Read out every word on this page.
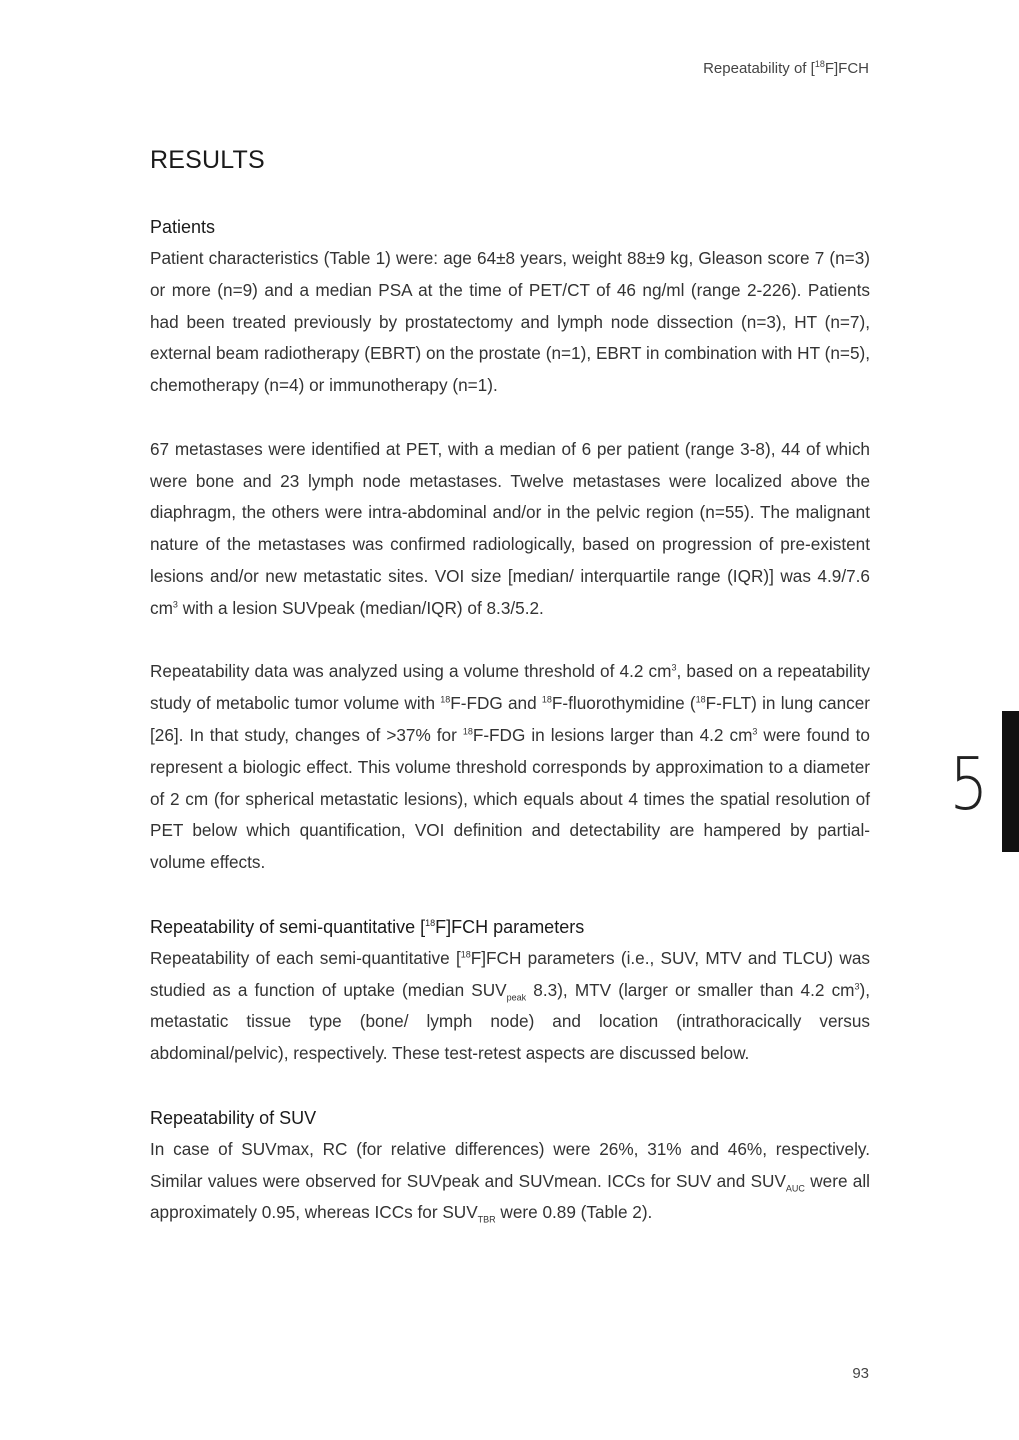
Repeatability of [$^{18}$F]FCH
RESULTS
Patients

Patient characteristics (Table 1) were: age 64±8 years, weight 88±9 kg, Gleason score 7 (n=3) or more (n=9) and a median PSA at the time of PET/CT of 46 ng/ml (range 2-226). Patients had been treated previously by prostatectomy and lymph node dissection (n=3), HT (n=7), external beam radiotherapy (EBRT) on the prostate (n=1), EBRT in combination with HT (n=5), chemotherapy (n=4) or immunotherapy (n=1).

67 metastases were identified at PET, with a median of 6 per patient (range 3-8), 44 of which were bone and 23 lymph node metastases. Twelve metastases were localized above the diaphragm, the others were intra-abdominal and/or in the pelvic region (n=55). The malignant nature of the metastases was confirmed radiologically, based on progression of pre-existent lesions and/or new metastatic sites. VOI size [median/ interquartile range (IQR)] was 4.9/7.6 $cm^3$ with a lesion SUVpeak (median/IQR) of 8.3/5.2.

Repeatability data was analyzed using a volume threshold of 4.2 $cm^3$, based on a repeatability study of metabolic tumor volume with $^{18}$F-FDG and $^{18}$F-fluorothymidine ($^{18}$F-FLT) in lung cancer [26]. In that study, changes of >37% for $^{18}$F-FDG in lesions larger than 4.2 $cm^3$ were found to represent a biologic effect. This volume threshold corresponds by approximation to a diameter of 2 cm (for spherical metastatic lesions), which equals about 4 times the spatial resolution of PET below which quantification, VOI definition and detectability are hampered by partial-volume effects.

Repeatability of semi-quantitative [$^{18}$F]FCH parameters

Repeatability of each semi-quantitative [$^{18}$F]FCH parameters (i.e., SUV, MTV and TLCU) was studied as a function of uptake (median $SUV_{peak}$ 8.3), MTV (larger or smaller than 4.2 $cm^3$), metastatic tissue type (bone/ lymph node) and location (intrathoracically versus abdominal/pelvic), respectively. These test-retest aspects are discussed below.

Repeatability of SUV

In case of SUVmax, RC (for relative differences) were 26%, 31% and 46%, respectively. Similar values were observed for SUVpeak and SUVmean. ICCs for SUV and $SUV_{AUC}$ were all approximately 0.95, whereas ICCs for $SUV_{TBR}$ were 0.89 (Table 2).

5
93
